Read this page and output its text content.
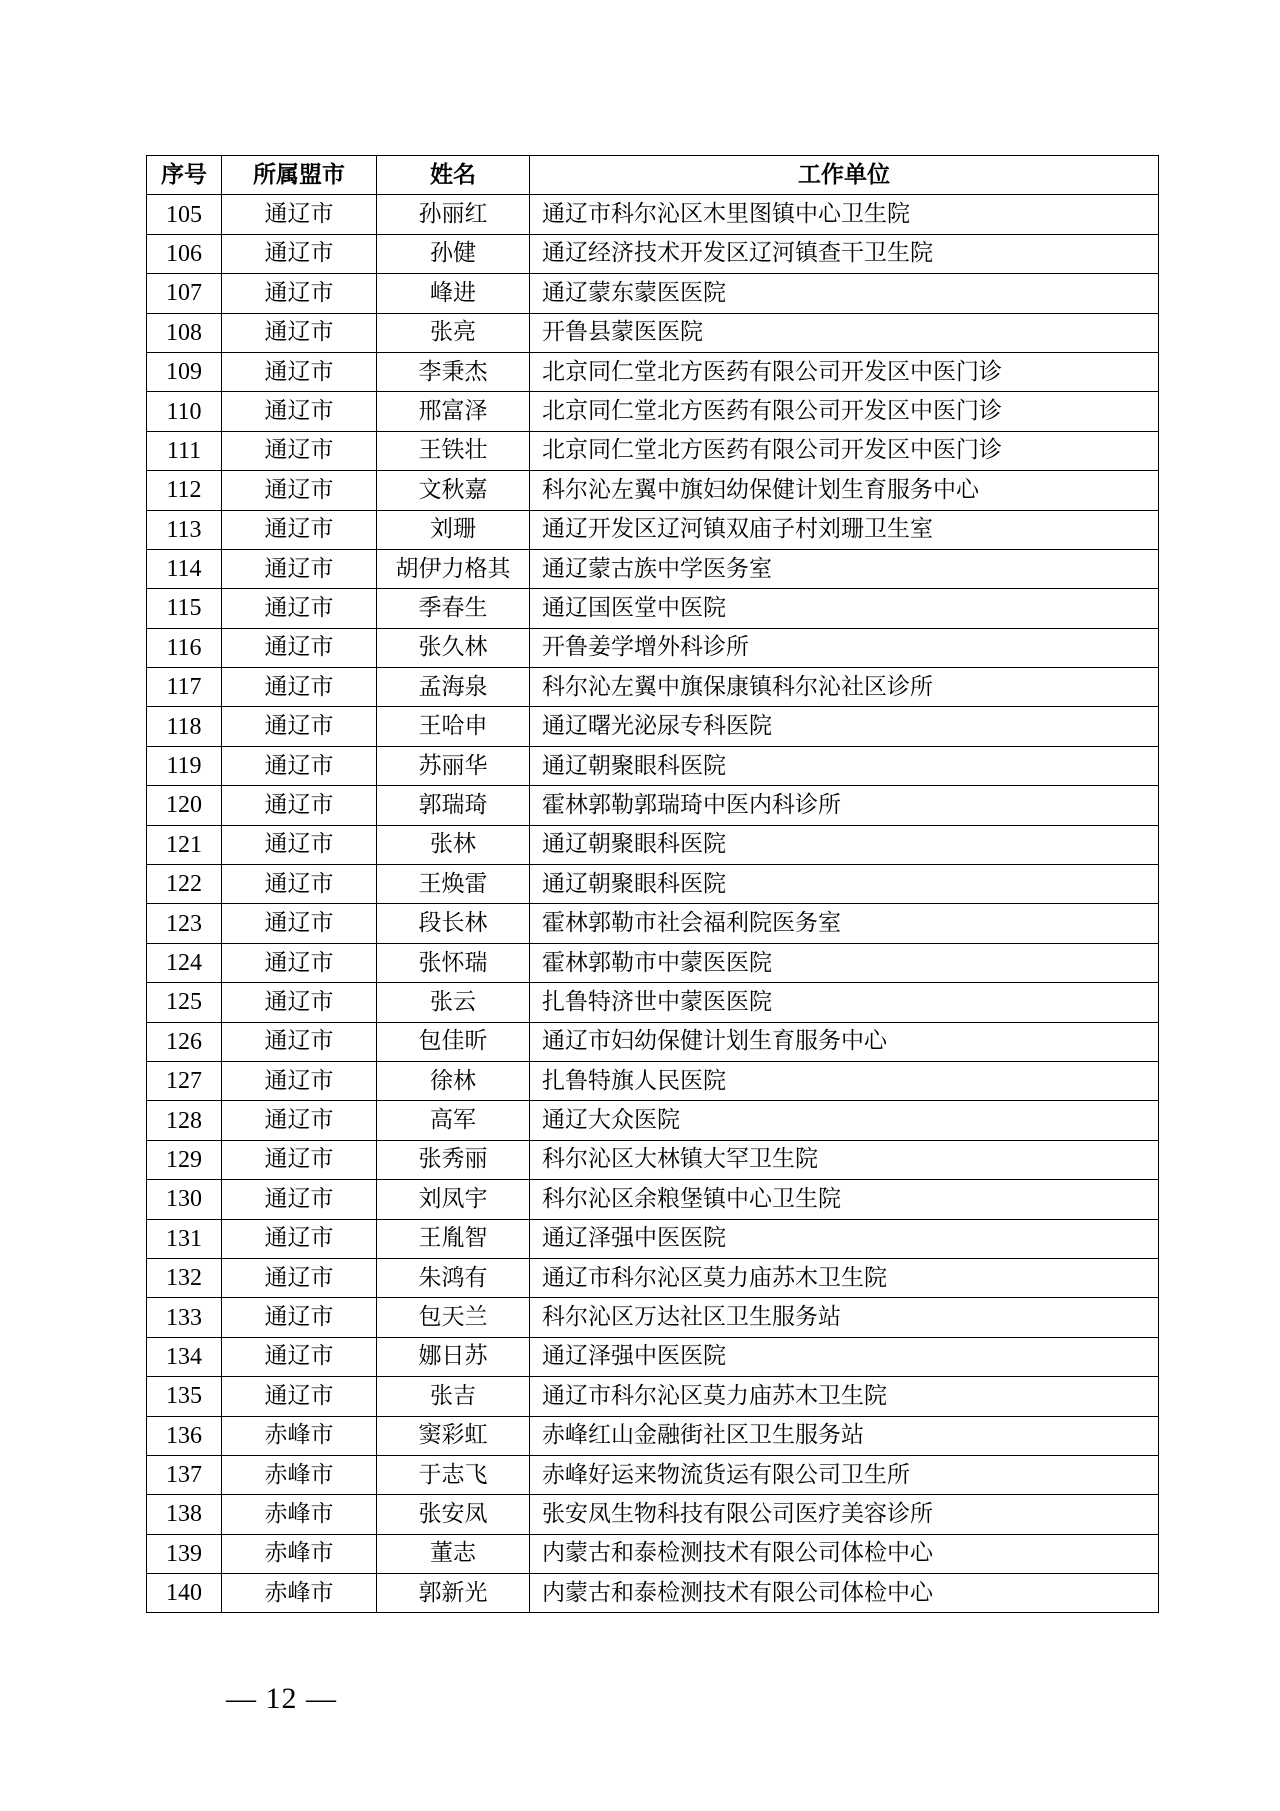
序号	所属盟市	姓名	工作单位
105	通辽市	孙丽红	通辽市科尔沁区木里图镇中心卫生院
106	通辽市	孙健	通辽经济技术开发区辽河镇查干卫生院
107	通辽市	峰进	通辽蒙东蒙医医院
108	通辽市	张亮	开鲁县蒙医医院
109	通辽市	李秉杰	北京同仁堂北方医药有限公司开发区中医门诊
110	通辽市	邢富泽	北京同仁堂北方医药有限公司开发区中医门诊
111	通辽市	王铁壮	北京同仁堂北方医药有限公司开发区中医门诊
112	通辽市	文秋嘉	科尔沁左翼中旗妇幼保健计划生育服务中心
113	通辽市	刘珊	通辽开发区辽河镇双庙子村刘珊卫生室
114	通辽市	胡伊力格其	通辽蒙古族中学医务室
115	通辽市	季春生	通辽国医堂中医院
116	通辽市	张久林	开鲁姜学增外科诊所
117	通辽市	孟海泉	科尔沁左翼中旗保康镇科尔沁社区诊所
118	通辽市	王哈申	通辽曙光泌尿专科医院
119	通辽市	苏丽华	通辽朝聚眼科医院
120	通辽市	郭瑞琦	霍林郭勒郭瑞琦中医内科诊所
121	通辽市	张林	通辽朝聚眼科医院
122	通辽市	王焕雷	通辽朝聚眼科医院
123	通辽市	段长林	霍林郭勒市社会福利院医务室
124	通辽市	张怀瑞	霍林郭勒市中蒙医医院
125	通辽市	张云	扎鲁特济世中蒙医医院
126	通辽市	包佳昕	通辽市妇幼保健计划生育服务中心
127	通辽市	徐林	扎鲁特旗人民医院
128	通辽市	高军	通辽大众医院
129	通辽市	张秀丽	科尔沁区大林镇大罕卫生院
130	通辽市	刘凤宇	科尔沁区余粮堡镇中心卫生院
131	通辽市	王胤智	通辽泽强中医医院
132	通辽市	朱鸿有	通辽市科尔沁区莫力庙苏木卫生院
133	通辽市	包天兰	科尔沁区万达社区卫生服务站
134	通辽市	娜日苏	通辽泽强中医医院
135	通辽市	张吉	通辽市科尔沁区莫力庙苏木卫生院
136	赤峰市	窦彩虹	赤峰红山金融街社区卫生服务站
137	赤峰市	于志飞	赤峰好运来物流货运有限公司卫生所
138	赤峰市	张安凤	张安凤生物科技有限公司医疗美容诊所
139	赤峰市	董志	内蒙古和泰检测技术有限公司体检中心
140	赤峰市	郭新光	内蒙古和泰检测技术有限公司体检中心
— 12 —
